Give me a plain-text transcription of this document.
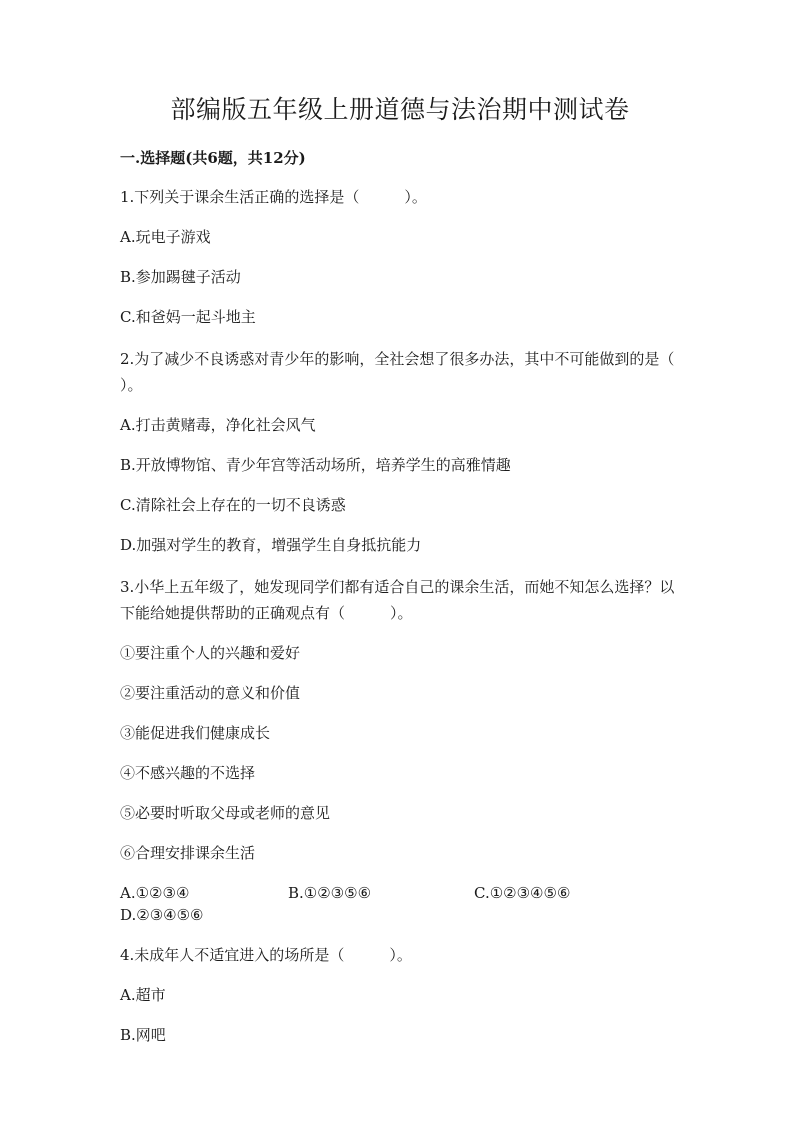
部编版五年级上册道德与法治期中测试卷
一.选择题(共6题，共12分)
1.下列关于课余生活正确的选择是（　　　）。
A.玩电子游戏
B.参加踢毽子活动
C.和爸妈一起斗地主
2.为了减少不良诱惑对青少年的影响，全社会想了很多办法，其中不可能做到的是（　　　）。
A.打击黄赌毒，净化社会风气
B.开放博物馆、青少年宫等活动场所，培养学生的高雅情趣
C.清除社会上存在的一切不良诱惑
D.加强对学生的教育，增强学生自身抵抗能力
3.小华上五年级了，她发现同学们都有适合自己的课余生活，而她不知怎么选择？以下能给她提供帮助的正确观点有（　　　）。
①要注重个人的兴趣和爱好
②要注重活动的意义和价值
③能促进我们健康成长
④不感兴趣的不选择
⑤必要时听取父母或老师的意见
⑥合理安排课余生活
A.①②③④	B.①②③⑤⑥	C.①②③④⑤⑥
D.②③④⑤⑥
4.未成年人不适宜进入的场所是（　　　）。
A.超市
B.网吧
